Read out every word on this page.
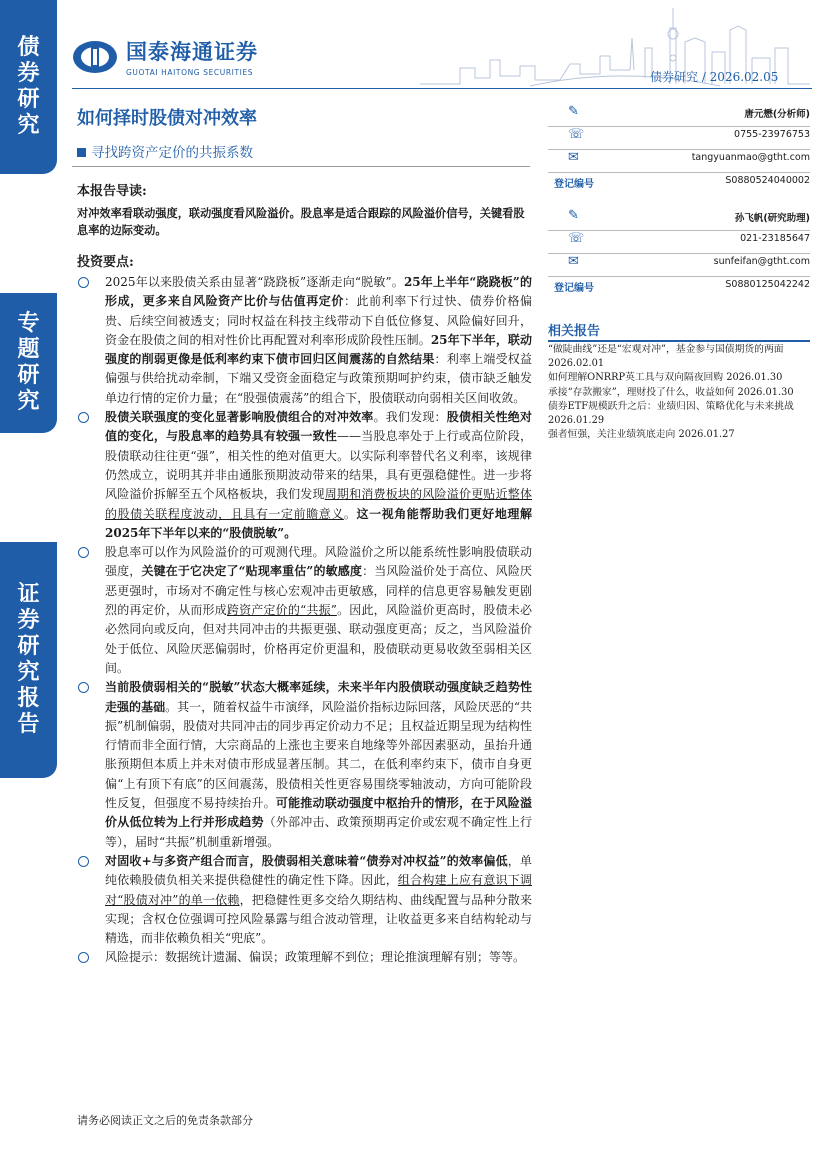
债
券
研
究
专
题
研
究
证
券
研
究
报
告
国泰海通证券
GUOTAI HAITONG SECURITIES	债券研究 / 2026.02.05
如何择时股债对冲效率
寻找跨资产定价的共振系数
本报告导读:
对冲效率看联动强度，联动强度看风险溢价。股息率是适合跟踪的风险溢价信号，关键看股息率的边际变动。
投资要点:
2025年以来股债关系由显著“跷跷板”逐渐走向“脱敏”。25年上半年“跷跷板”的形成，更多来自风险资产比价与估值再定价：此前利率下行过快、债券价格偏贵、后续空间被透支；同时权益在科技主线带动下自低位修复、风险偏好回升，资金在股债之间的相对性价比再配置对利率形成阶段性压制。25年下半年，联动强度的削弱更像是低利率约束下债市回归区间震荡的自然结果：利率上端受权益偏强与供给扰动牵制，下端又受资金面稳定与政策预期呵护约束，债市缺乏触发单边行情的定价力量；在“股强债震荡”的组合下，股债联动向弱相关区间收敛。
股债关联强度的变化显著影响股债组合的对冲效率。我们发现：股债相关性绝对值的变化，与股息率的趋势具有较强一致性——当股息率处于上行或高位阶段，股债联动往往更“强”，相关性的绝对值更大。以实际利率替代名义利率，该规律仍然成立，说明其并非由通胀预期波动带来的结果，具有更强稳健性。进一步将风险溢价拆解至五个风格板块，我们发现周期和消费板块的风险溢价更贴近整体的股债关联程度波动，且具有一定前瞻意义。这一视角能帮助我们更好地理解2025年下半年以来的“股债脱敏”。
股息率可以作为风险溢价的可观测代理。风险溢价之所以能系统性影响股债联动强度，关键在于它决定了“贴现率重估”的敏感度：当风险溢价处于高位、风险厌恶更强时，市场对不确定性与核心宏观冲击更敏感，同样的信息更容易触发更剧烈的再定价，从而形成跨资产定价的“共振”。因此，风险溢价更高时，股债未必必然同向或反向，但对共同冲击的共振更强、联动强度更高；反之，当风险溢价处于低位、风险厌恶偏弱时，价格再定价更温和，股债联动更易收敛至弱相关区间。
当前股债弱相关的“脱敏”状态大概率延续，未来半年内股债联动强度缺乏趋势性走强的基础。其一，随着权益牛市演绎，风险溢价指标边际回落，风险厌恶的“共振”机制偏弱，股债对共同冲击的同步再定价动力不足；且权益近期呈现为结构性行情而非全面行情，大宗商品的上涨也主要来自地缘等外部因素驱动，虽抬升通胀预期但本质上并未对债市形成显著压制。其二，在低利率约束下，债市自身更偏“上有顶下有底”的区间震荡，股债相关性更容易围绕零轴波动，方向可能阶段性反复，但强度不易持续抬升。可能推动联动强度中枢抬升的情形，在于风险溢价从低位转为上行并形成趋势（外部冲击、政策预期再定价或宏观不确定性上行等），届时“共振”机制重新增强。
对固收+与多资产组合而言，股债弱相关意味着“债券对冲权益”的效率偏低，单纯依赖股债负相关来提供稳健性的确定性下降。因此，组合构建上应有意识下调对“股债对冲”的单一依赖，把稳健性更多交给久期结构、曲线配置与品种分散来实现；含权仓位强调可控风险暴露与组合波动管理，让收益更多来自结构轮动与精选，而非依赖负相关“兜底”。
风险提示：数据统计遗漏、偏误；政策理解不到位；理论推演理解有别；等等。
✎	唐元懋(分析师)
☏	0755-23976753
✉	tangyuanmao@gtht.com
登记编号	S0880524040002
✎	孙飞帆(研究助理)
☏	021-23185647
✉	sunfeifan@gtht.com
登记编号	S0880125042242
相关报告
“做陡曲线”还是“宏观对冲”，基金参与国债期货的两面 2026.02.01
如何理解ONRRP英工具与双向隔夜回购 2026.01.30
承接“存款搬家”，理财投了什么，收益如何 2026.01.30
债券ETF规模跃升之后：业绩归因、策略优化与未来挑战 2026.01.29
强者恒强，关注业绩筑底走向 2026.01.27
请务必阅读正文之后的免责条款部分
